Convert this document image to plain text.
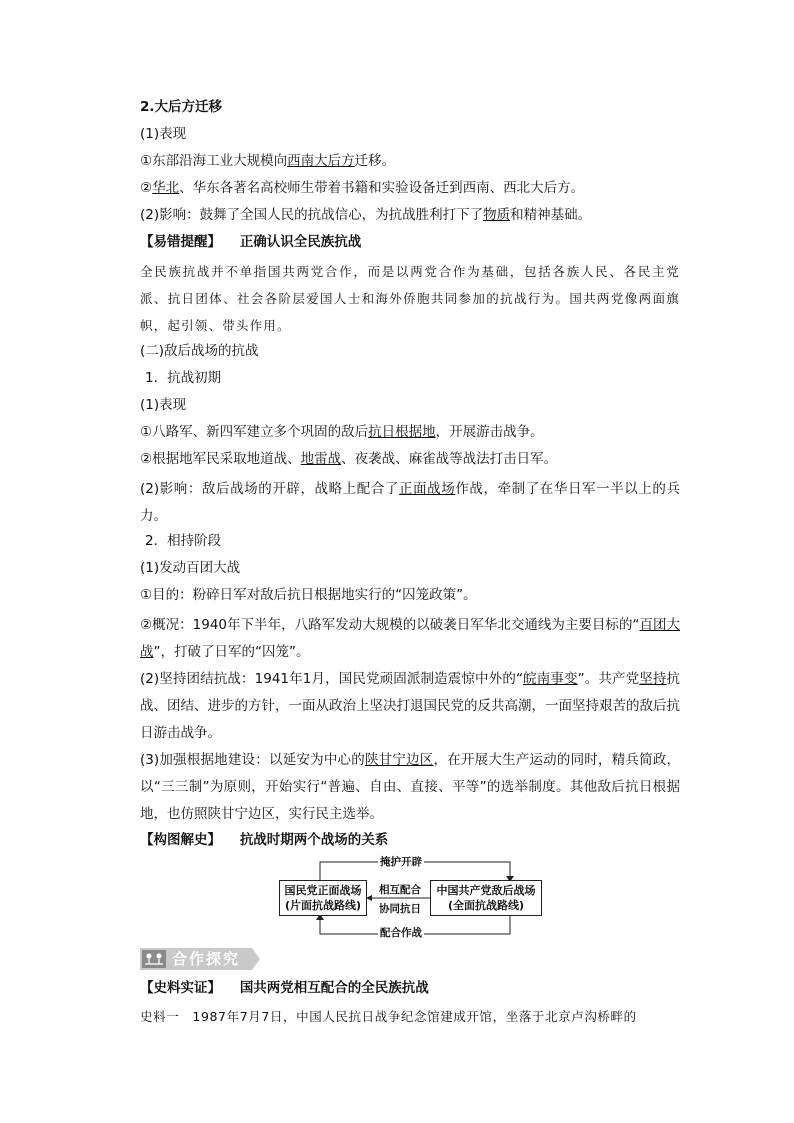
2.大后方迁移
(1)表现
①东部沿海工业大规模向西南大后方迁移。
②华北、华东各著名高校师生带着书籍和实验设备迁到西南、西北大后方。
(2)影响：鼓舞了全国人民的抗战信心，为抗战胜利打下了物质和精神基础。
【易错提醒】 正确认识全民族抗战
全民族抗战并不单指国共两党合作，而是以两党合作为基础，包括各族人民、各民主党派、抗日团体、社会各阶层爱国人士和海外侨胞共同参加的抗战行为。国共两党像两面旗帜，起引领、带头作用。
(二)敌后战场的抗战
1．抗战初期
(1)表现
①八路军、新四军建立多个巩固的敌后抗日根据地，开展游击战争。
②根据地军民采取地道战、地雷战、夜袭战、麻雀战等战法打击日军。
(2)影响：敌后战场的开辟，战略上配合了正面战场作战，牵制了在华日军一半以上的兵力。
2．相持阶段
(1)发动百团大战
①目的：粉碎日军对敌后抗日根据地实行的“囚笼政策”。
②概况：1940年下半年，八路军发动大规模的以破袭日军华北交通线为主要目标的“百团大战”，打破了日军的“囚笼”。
(2)坚持团结抗战：1941年1月，国民党顽固派制造震惊中外的“皖南事变”。共产党坚持抗战、团结、进步的方针，一面从政治上坚决打退国民党的反共高潮，一面坚持艰苦的敌后抗日游击战争。
(3)加强根据地建设：以延安为中心的陕甘宁边区，在开展大生产运动的同时，精兵简政，以“三三制”为原则，开始实行“普遍、自由、直接、平等”的选举制度。其他敌后抗日根据地，也仿照陕甘宁边区，实行民主选举。
【构图解史】 抗战时期两个战场的关系
国民党正面战场
(片面抗战路线)
中国共产党敌后战场
(全面抗战路线)
掩护开辟
相互配合
协同抗日
配合作战
合作探究
【史料实证】 国共两党相互配合的全民族抗战
史料一　1987年7月7日，中国人民抗日战争纪念馆建成开馆，坐落于北京卢沟桥畔的
